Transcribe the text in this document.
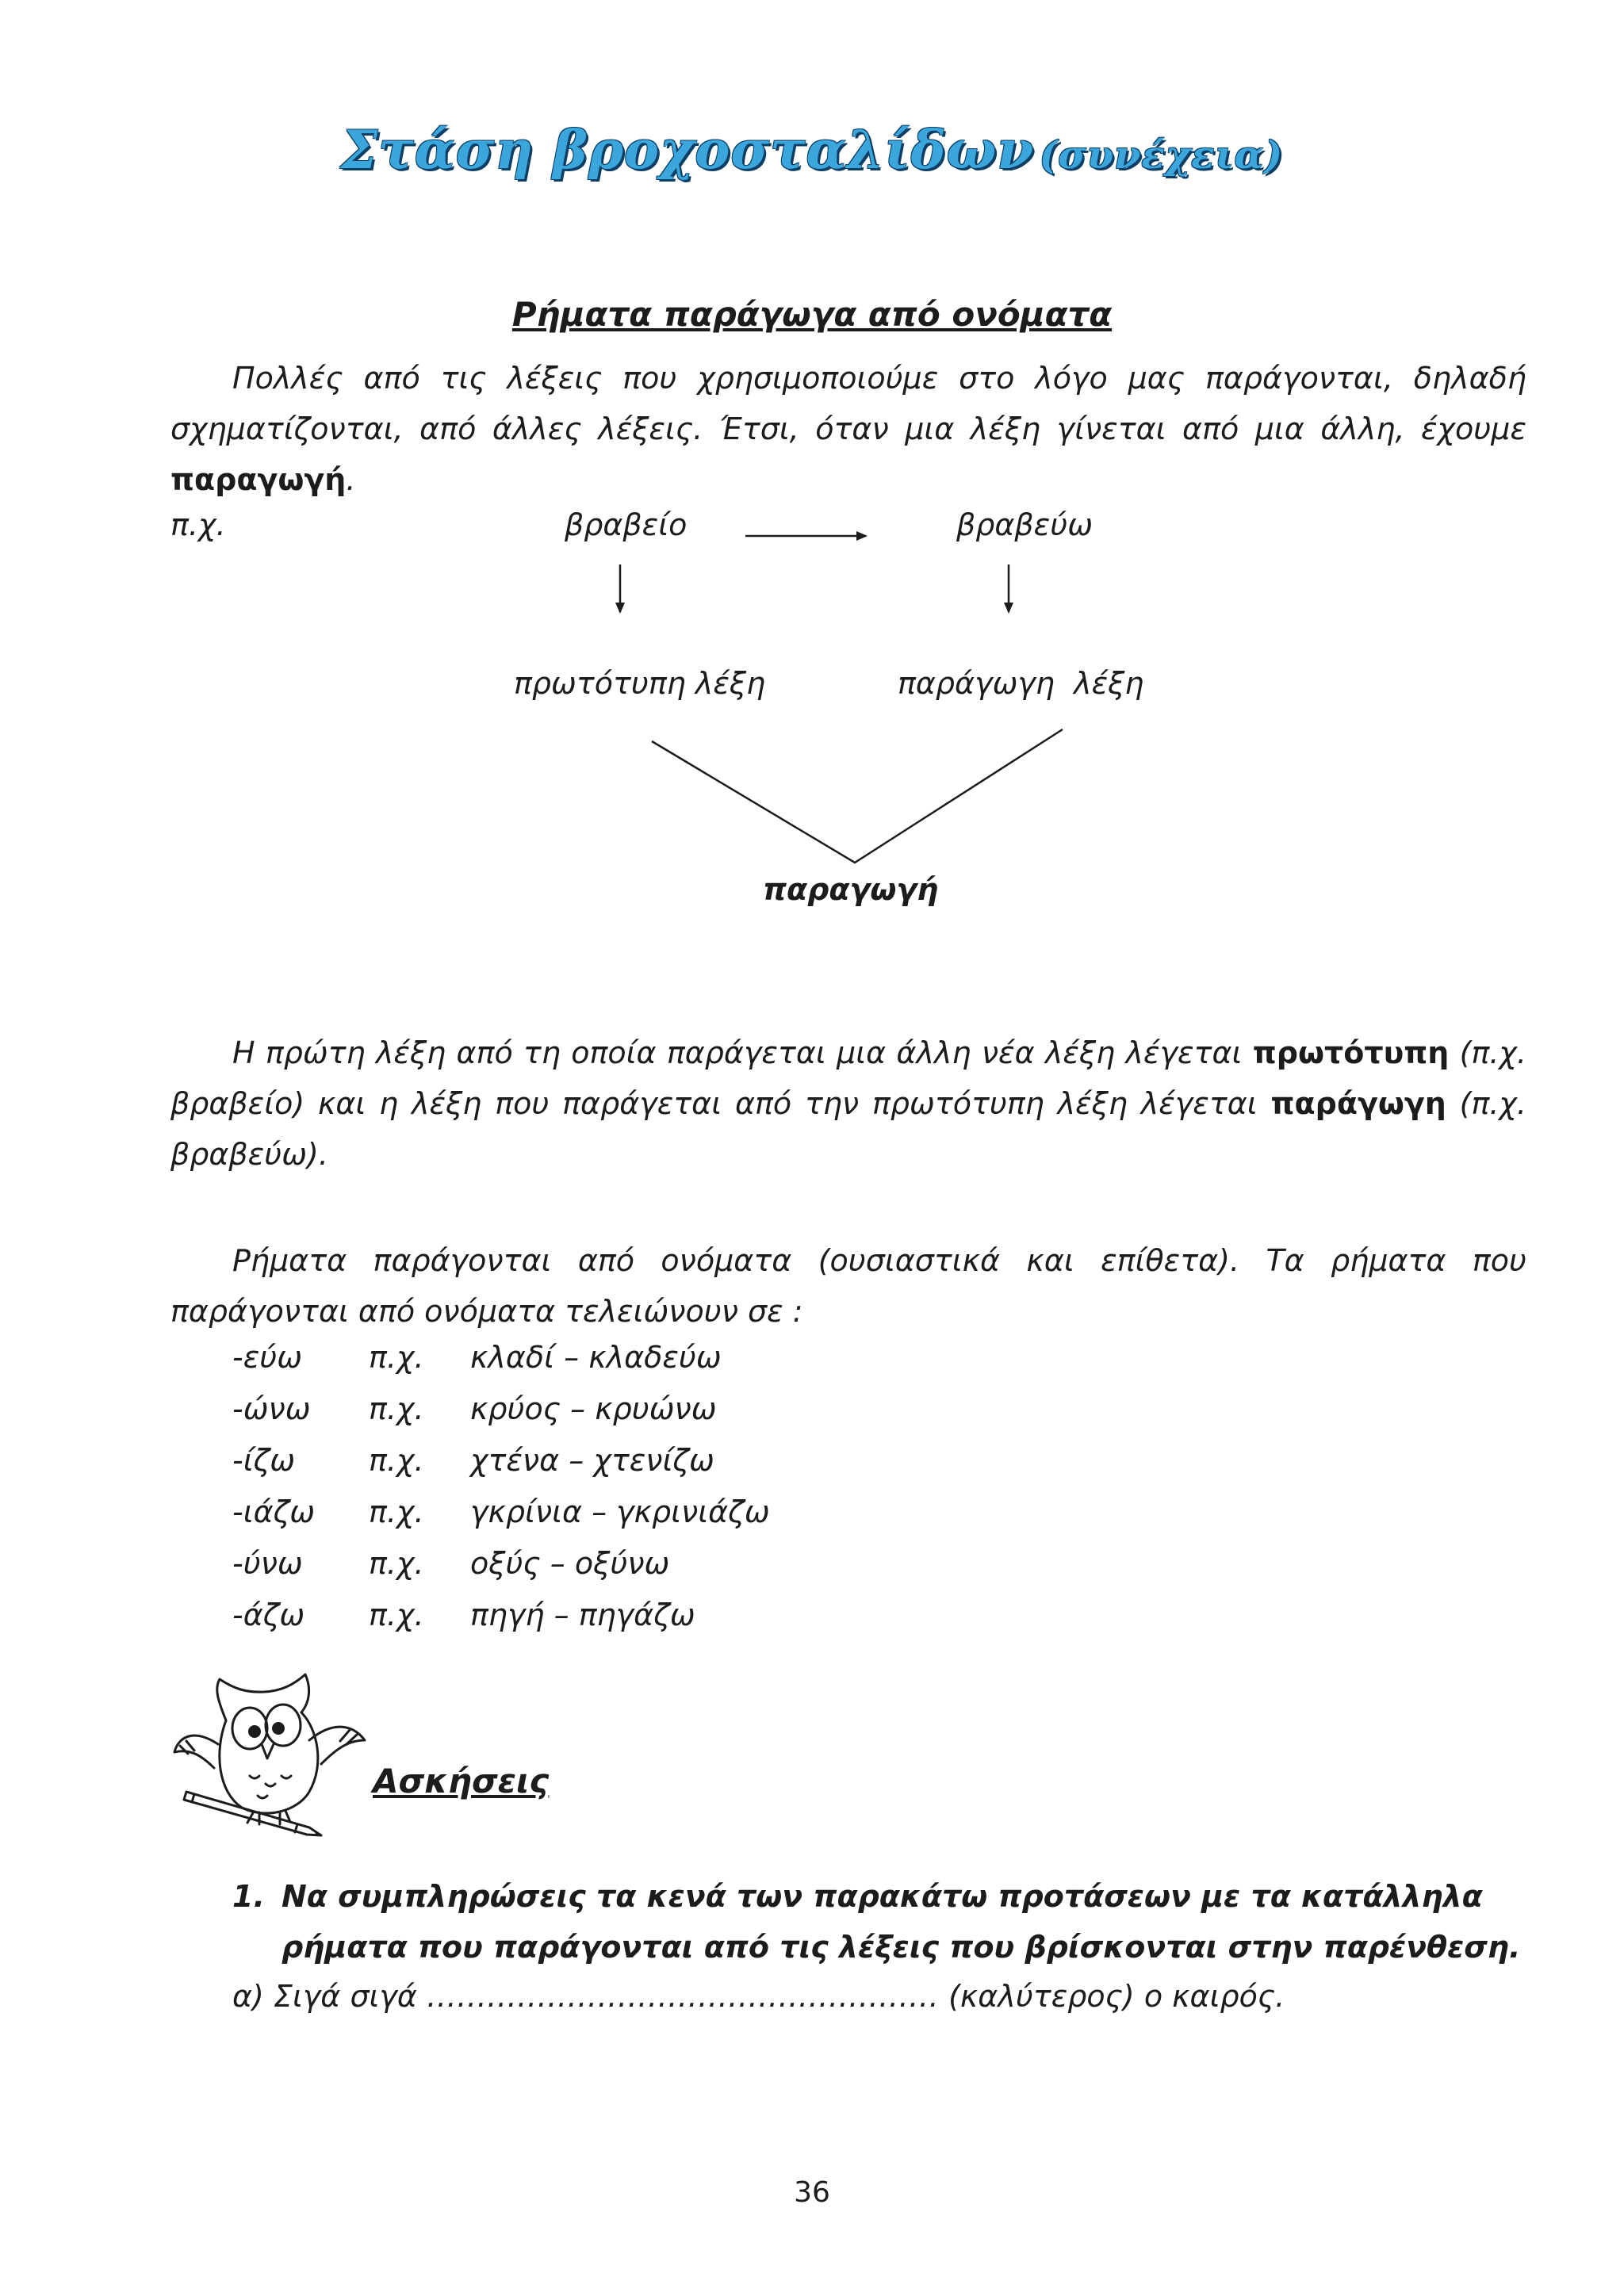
Στάση βροχοσταλίδων (συνέχεια)
Ρήματα παράγωγα από ονόματα
Πολλές από τις λέξεις που χρησιμοποιούμε στο λόγο μας παράγονται, δηλαδή σχηματίζονται, από άλλες λέξεις. Έτσι, όταν μια λέξη γίνεται από μια άλλη, έχουμε παραγωγή.
π.χ.	βραβείο	βραβεύω
πρωτότυπη λέξη	παράγωγη  λέξη
παραγωγή
Η πρώτη λέξη από τη οποία παράγεται μια άλλη νέα λέξη λέγεται πρωτότυπη (π.χ. βραβείο) και η λέξη που παράγεται από την πρωτότυπη λέξη λέγεται παράγωγη (π.χ. βραβεύω).
Ρήματα παράγονται από ονόματα (ουσιαστικά και επίθετα). Τα ρήματα που παράγονται από ονόματα τελειώνουν σε :
-εύω π.χ. κλαδί – κλαδεύω
-ώνω π.χ. κρύος – κρυώνω
-ίζω π.χ. χτένα – χτενίζω
-ιάζω π.χ. γκρίνια – γκρινιάζω
-ύνω π.χ. οξύς – οξύνω
-άζω π.χ. πηγή – πηγάζω
Ασκήσεις
1. Να συμπληρώσεις τα κενά των παρακάτω προτάσεων με τα κατάλληλα ρήματα που παράγονται από τις λέξεις που βρίσκονται στην παρένθεση.
α) Σιγά σιγά …………………………………………… (καλύτερος) ο καιρός.
36
